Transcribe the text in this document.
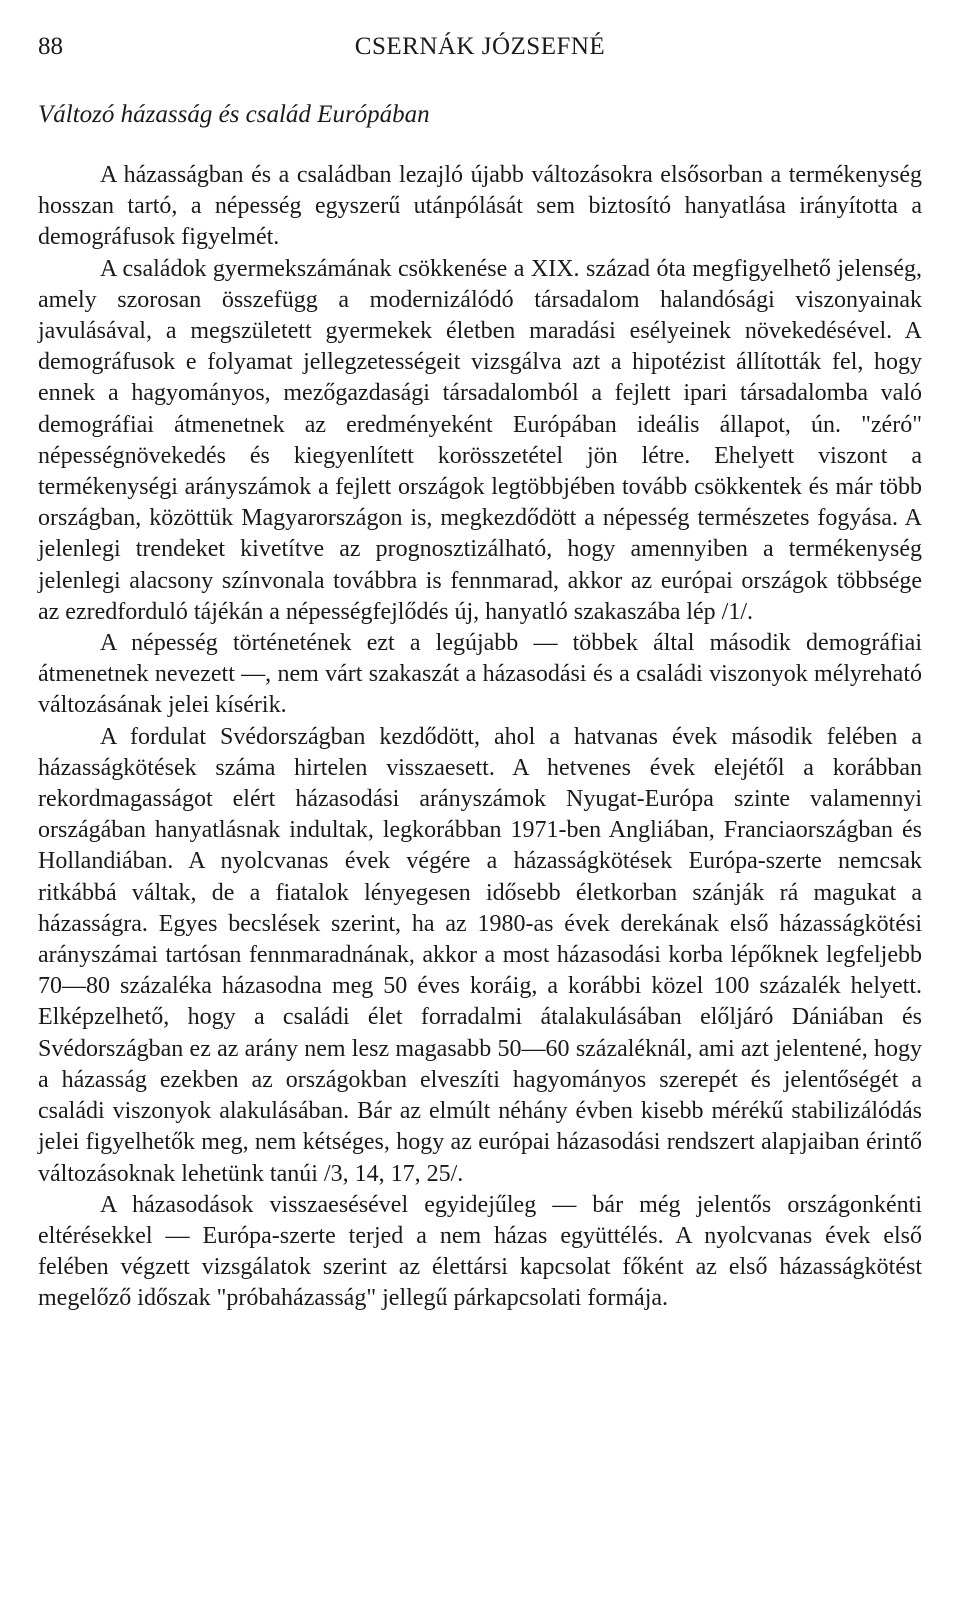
88	CSERNÁK JÓZSEFNÉ
Változó házasság és család Európában

A házasságban és a családban lezajló újabb változásokra elsősorban a termékenység hosszan tartó, a népesség egyszerű utánpólását sem biztosító hanyatlása irányította a demográfusok figyelmét.

A családok gyermekszámának csökkenése a XIX. század óta megfigyelhető jelenség, amely szorosan összefügg a modernizálódó társadalom halandósági viszonyainak javulásával, a megszületett gyermekek életben maradási esélyeinek növekedésével. A demográfusok e folyamat jellegzetességeit vizsgálva azt a hipotézist állították fel, hogy ennek a hagyományos, mezőgazdasági társadalomból a fejlett ipari társadalomba való demográfiai átmenetnek az eredményeként Európában ideális állapot, ún. "zéró" népességnövekedés és kiegyenlített korösszetétel jön létre. Ehelyett viszont a termékenységi arányszámok a fejlett országok legtöbbjében tovább csökkentek és már több országban, közöttük Magyarországon is, megkezdődött a népesség természetes fogyása. A jelenlegi trendeket kivetítve az prognosztizálható, hogy amennyiben a termékenység jelenlegi alacsony színvonala továbbra is fennmarad, akkor az európai országok többsége az ezredforduló tájékán a népességfejlődés új, hanyatló szakaszába lép /1/.

A népesség történetének ezt a legújabb — többek által második demográfiai átmenetnek nevezett —, nem várt szakaszát a házasodási és a családi viszonyok mélyreható változásának jelei kísérik.

A fordulat Svédországban kezdődött, ahol a hatvanas évek második felében a házasságkötések száma hirtelen visszaesett. A hetvenes évek elejétől a korábban rekordmagasságot elért házasodási arányszámok Nyugat-Európa szinte valamennyi országában hanyatlásnak indultak, legkorábban 1971-ben Angliában, Franciaországban és Hollandiában. A nyolcvanas évek végére a házasságkötések Európa-szerte nemcsak ritkábbá váltak, de a fiatalok lényegesen idősebb életkorban szánják rá magukat a házasságra. Egyes becslések szerint, ha az 1980-as évek derekának első házasságkötési arányszámai tartósan fennmaradnának, akkor a most házasodási korba lépőknek legfeljebb 70—80 százaléka házasodna meg 50 éves koráig, a korábbi közel 100 százalék helyett. Elképzelhető, hogy a családi élet forradalmi átalakulásában előljáró Dániában és Svédországban ez az arány nem lesz magasabb 50—60 százaléknál, ami azt jelentené, hogy a házasság ezekben az országokban elveszíti hagyományos szerepét és jelentőségét a családi viszonyok alakulásában. Bár az elmúlt néhány évben kisebb mérékű stabilizálódás jelei figyelhetők meg, nem kétséges, hogy az európai házasodási rendszert alapjaiban érintő változásoknak lehetünk tanúi /3, 14, 17, 25/.

A házasodások visszaesésével egyidejűleg — bár még jelentős országonkénti eltérésekkel — Európa-szerte terjed a nem házas együttélés. A nyolcvanas évek első felében végzett vizsgálatok szerint az élettársi kapcsolat főként az első házasságkötést megelőző időszak "próbaházasság" jellegű párkapcsolati formája.
